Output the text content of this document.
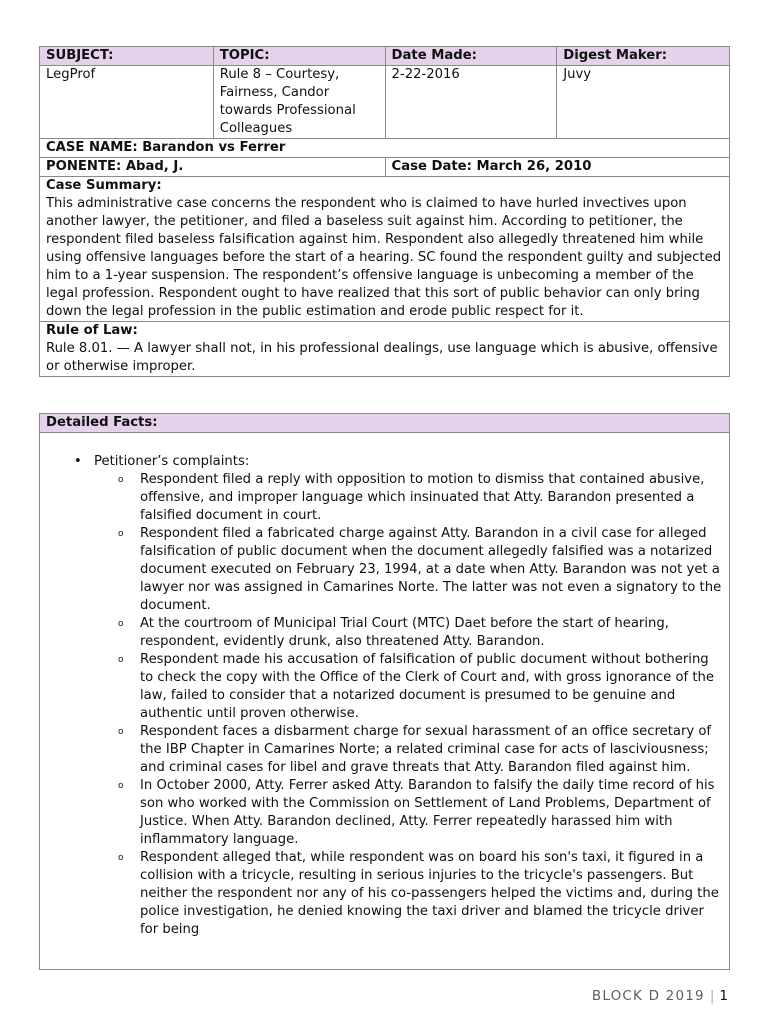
SUBJECT:	TOPIC:	Date Made:	Digest Maker:
LegProf	Rule 8 – Courtesy, Fairness, Candor towards Professional Colleagues	2-22-2016	Juvy
CASE NAME: Barandon vs Ferrer			
PONENTE: Abad, J.		Case Date: March 26, 2010	

Case Summary:
This administrative case concerns the respondent who is claimed to have hurled invectives upon another lawyer, the petitioner, and filed a baseless suit against him. According to petitioner, the respondent filed baseless falsification against him. Respondent also allegedly threatened him while using offensive languages before the start of a hearing. SC found the respondent guilty and subjected him to a 1-year suspension. The respondent’s offensive language is unbecoming a member of the legal profession. Respondent ought to have realized that this sort of public behavior can only bring down the legal profession in the public estimation and erode public respect for it.			

Rule of Law:
Rule 8.01. — A lawyer shall not, in his professional dealings, use language which is abusive, offensive or otherwise improper.			
Detailed Facts:

• Petitioner’s complaints:
o Respondent filed a reply with opposition to motion to dismiss that contained abusive, offensive, and improper language which insinuated that Atty. Barandon presented a falsified document in court.
o Respondent filed a fabricated charge against Atty. Barandon in a civil case for alleged falsification of public document when the document allegedly falsified was a notarized document executed on February 23, 1994, at a date when Atty. Barandon was not yet a lawyer nor was assigned in Camarines Norte. The latter was not even a signatory to the document.
o At the courtroom of Municipal Trial Court (MTC) Daet before the start of hearing, respondent, evidently drunk, also threatened Atty. Barandon.
o Respondent made his accusation of falsification of public document without bothering to check the copy with the Office of the Clerk of Court and, with gross ignorance of the law, failed to consider that a notarized document is presumed to be genuine and authentic until proven otherwise.
o Respondent faces a disbarment charge for sexual harassment of an office secretary of the IBP Chapter in Camarines Norte; a related criminal case for acts of lasciviousness; and criminal cases for libel and grave threats that Atty. Barandon filed against him.
o In October 2000, Atty. Ferrer asked Atty. Barandon to falsify the daily time record of his son who worked with the Commission on Settlement of Land Problems, Department of Justice. When Atty. Barandon declined, Atty. Ferrer repeatedly harassed him with inflammatory language.
o Respondent alleged that, while respondent was on board his son's taxi, it figured in a collision with a tricycle, resulting in serious injuries to the tricycle's passengers. But neither the respondent nor any of his co-passengers helped the victims and, during the police investigation, he denied knowing the taxi driver and blamed the tricycle driver for being
BLOCK D 2019 | 1
